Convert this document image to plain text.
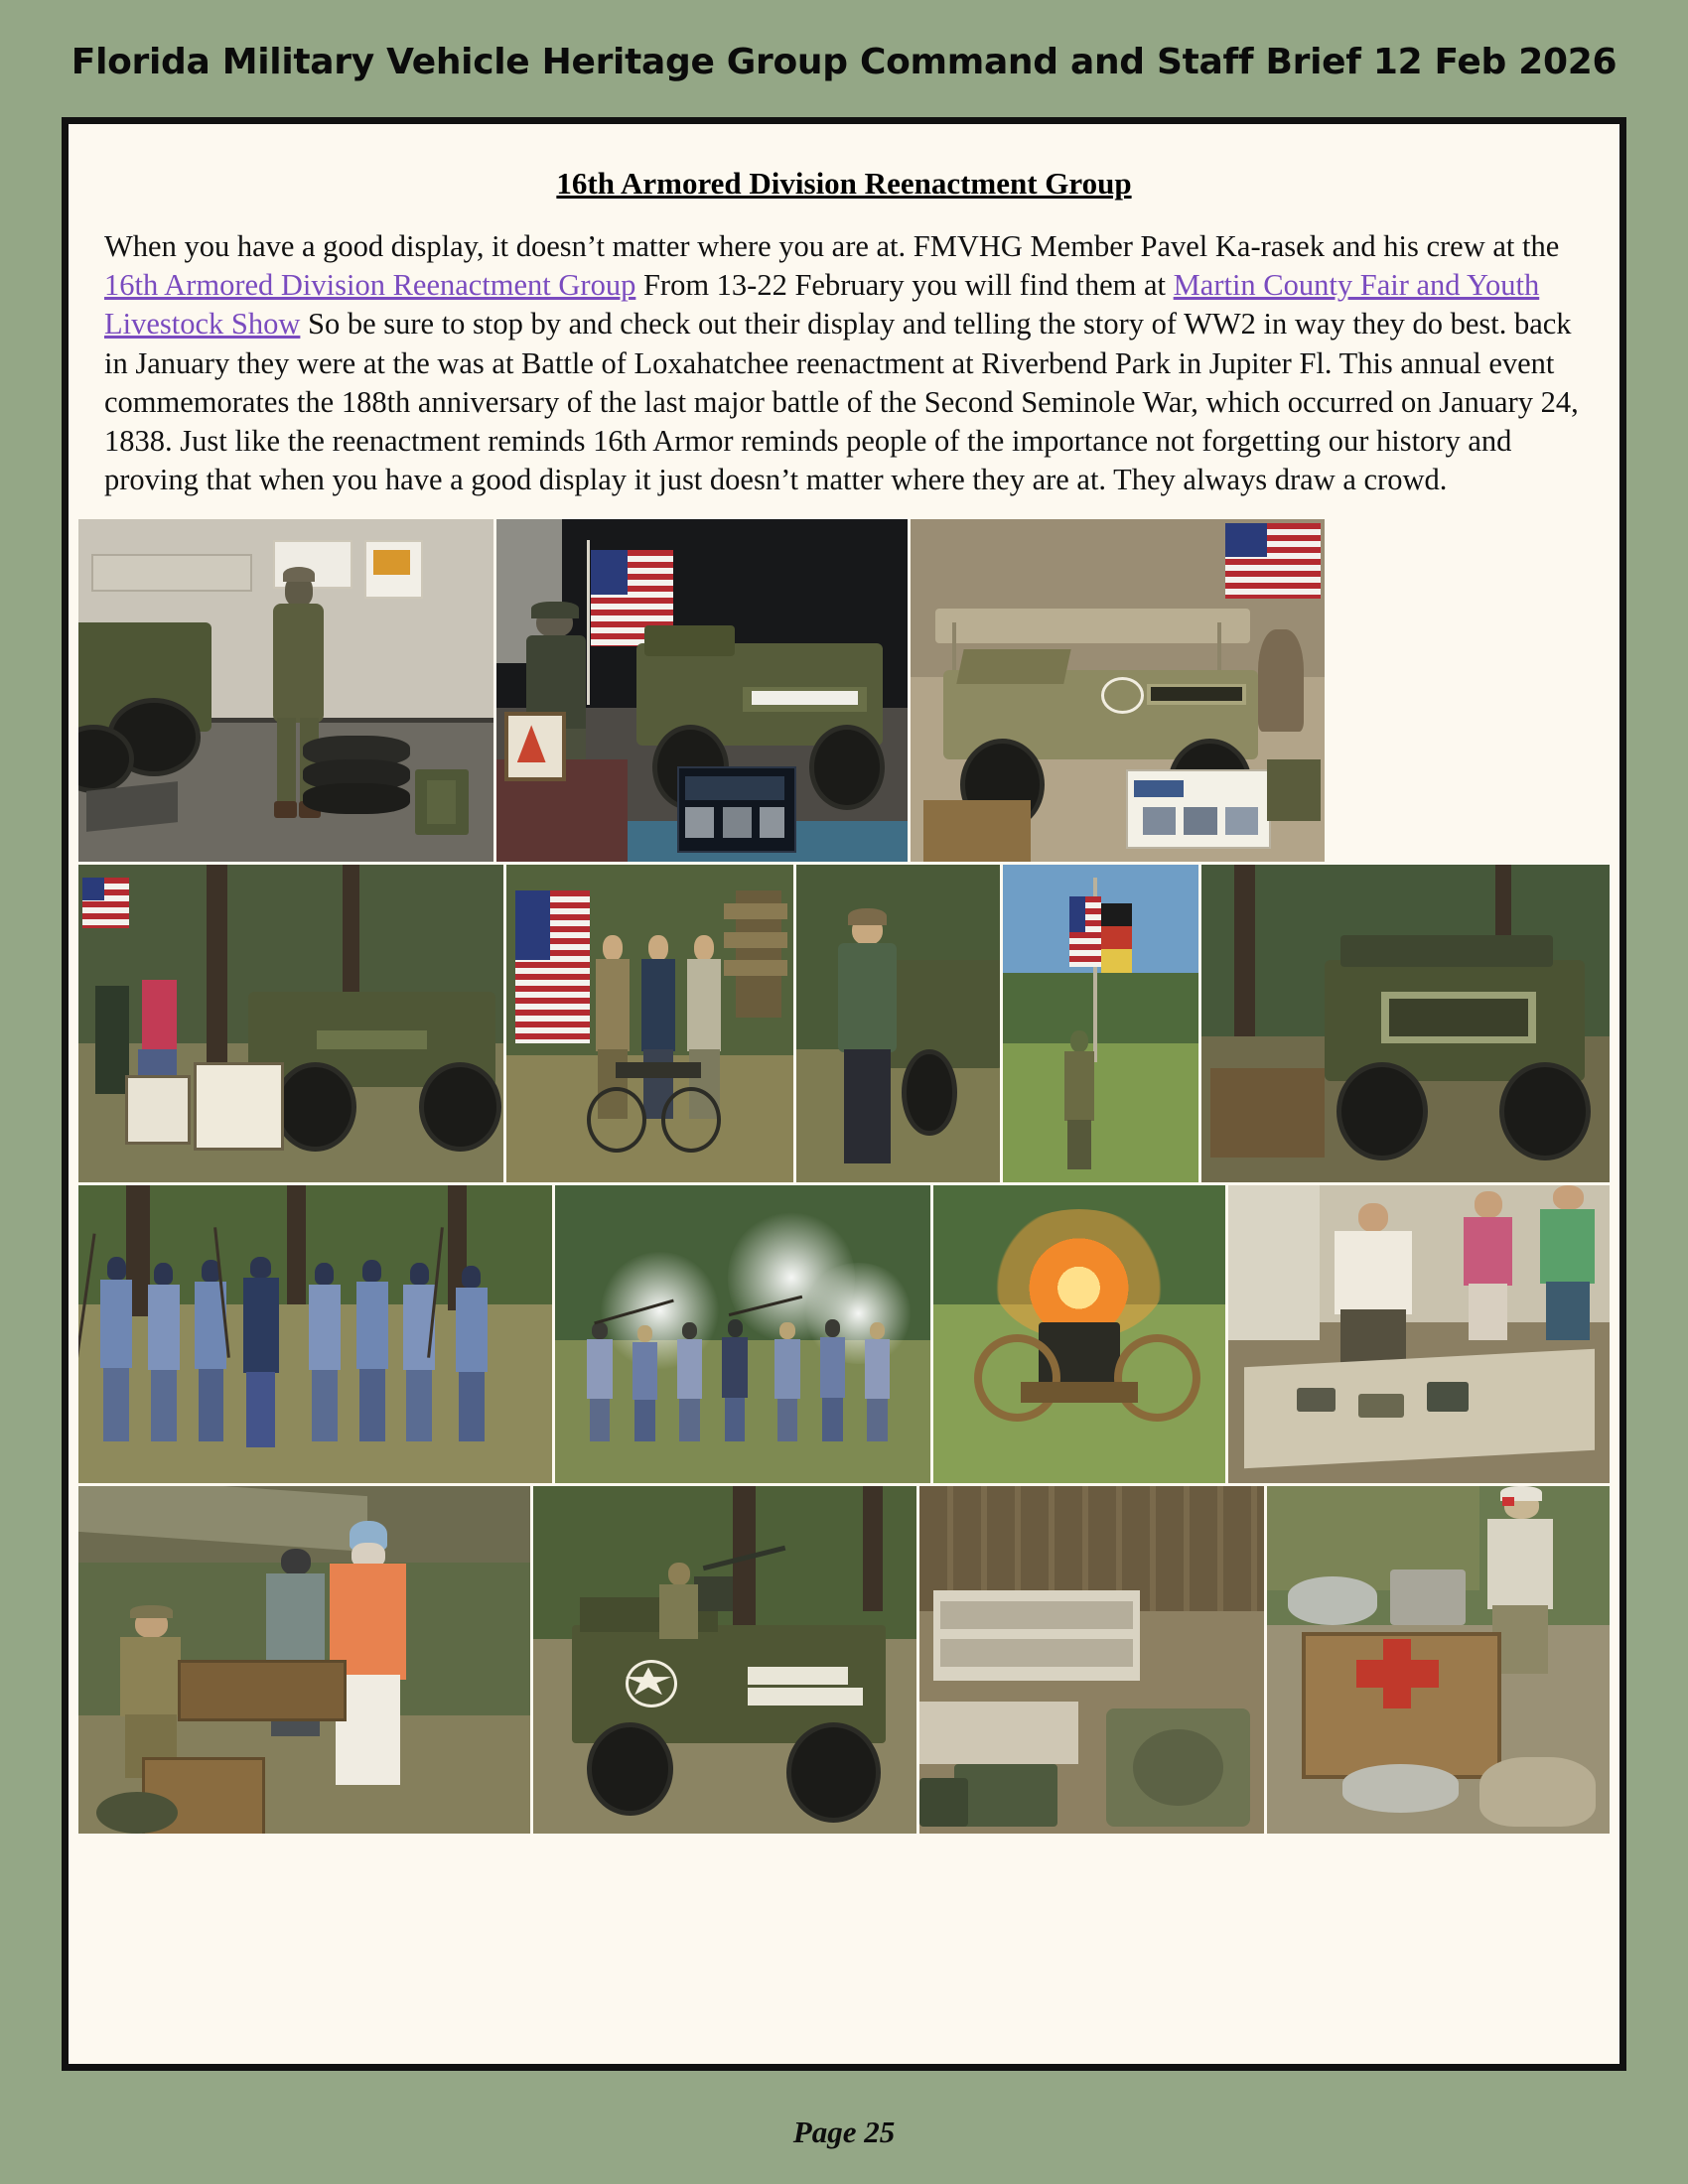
Florida Military Vehicle Heritage Group Command and Staff Brief 12 Feb 2026
16th Armored Division Reenactment Group
When you have a good display, it doesn’t matter where you are at. FMVHG Member Pavel Ka-rasek and his crew at the 16th Armored Division Reenactment Group From 13-22 February you will find them at Martin County Fair and Youth Livestock Show So be sure to stop by and check out their display and telling the story of WW2 in way they do best. back in January they were at the was at Battle of Loxahatchee reenactment at Riverbend Park in Jupiter Fl. This annual event commemorates the 188th anniversary of the last major battle of the Second Seminole War, which occurred on January 24, 1838. Just like the reenactment reminds 16th Armor reminds people of the importance not forgetting our history and proving that when you have a good display it just doesn’t matter where they are at. They always draw a crowd.
Page 25
